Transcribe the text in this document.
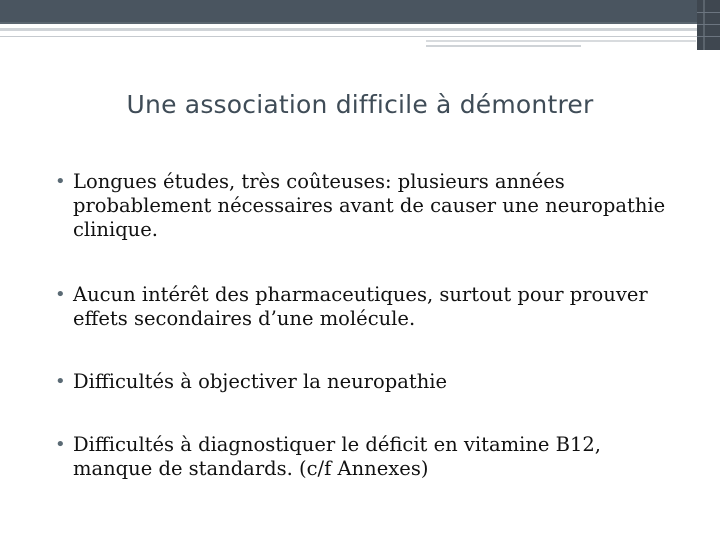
Une association difficile à démontrer
• Longues études, très coûteuses: plusieurs années probablement nécessaires avant de causer une neuropathie clinique.
• Aucun intérêt des pharmaceutiques, surtout pour prouver effets secondaires d’une molécule.
• Difficultés à objectiver la neuropathie
• Difficultés à diagnostiquer le déficit en vitamine B12, manque de standards. (c/f Annexes)
